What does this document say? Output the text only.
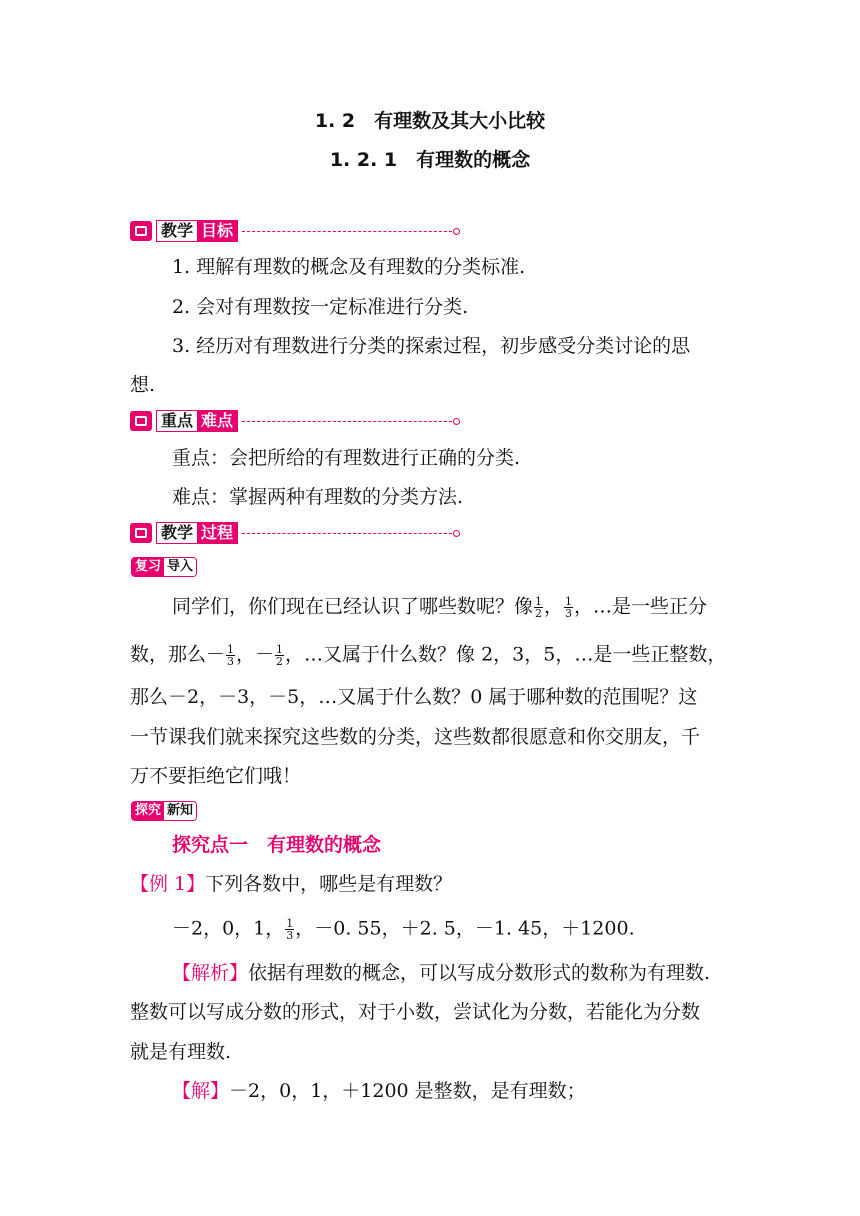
1. 2　有理数及其大小比较
1. 2. 1　有理数的概念
教学 目标
1. 理解有理数的概念及有理数的分类标准.
2. 会对有理数按一定标准进行分类.
3. 经历对有理数进行分类的探索过程，初步感受分类讨论的思
想.
重点 难点
重点：会把所给的有理数进行正确的分类.
难点：掌握两种有理数的分类方法.
教学 过程
复习 导入
同学们，你们现在已经认识了哪些数呢？像 $\frac{1}{2}$ ， $\frac{1}{3}$ ，…是一些正分
数，那么－ $\frac{1}{3}$ ，－ $\frac{1}{2}$ ，…又属于什么数？像 2，3，5，…是一些正整数，
那么－2，－3，－5，…又属于什么数？0 属于哪种数的范围呢？这
一节课我们就来探究这些数的分类，这些数都很愿意和你交朋友，千
万不要拒绝它们哦！
探究 新知
探究点一　有理数的概念
【例 1】下列各数中，哪些是有理数？
－2，0，1， $\frac{1}{3}$ ，－0. 55，＋2. 5，－1. 45，＋1200.
【解析】依据有理数的概念，可以写成分数形式的数称为有理数.
整数可以写成分数的形式，对于小数，尝试化为分数，若能化为分数
就是有理数.
【解】－2，0，1，＋1200 是整数，是有理数；
